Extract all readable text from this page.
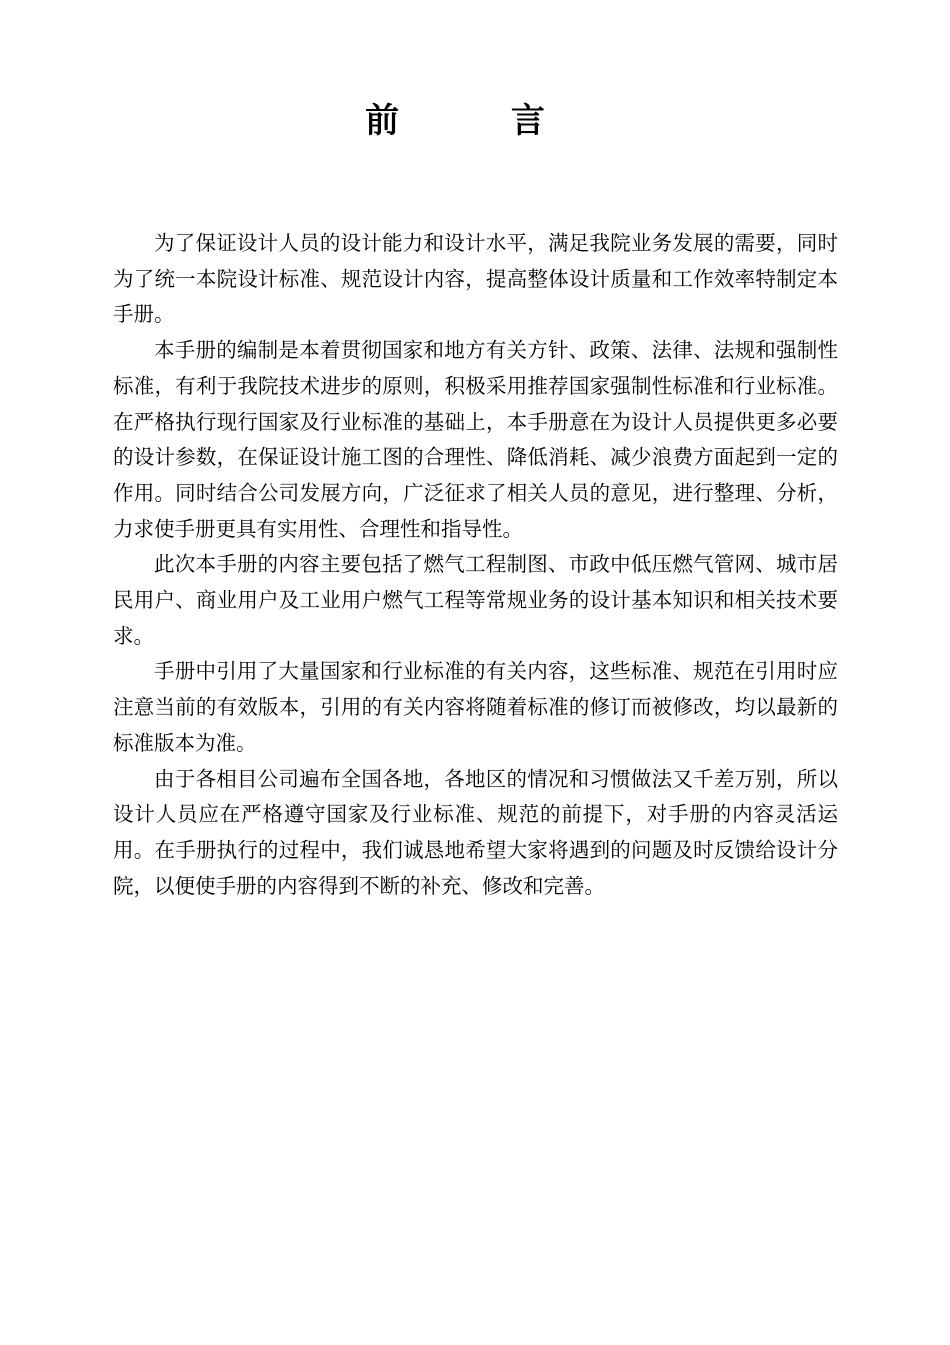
前 言

为了保证设计人员的设计能力和设计水平，满足我院业务发展的需要，同时为了统一本院设计标准、规范设计内容，提高整体设计质量和工作效率特制定本手册。

本手册的编制是本着贯彻国家和地方有关方针、政策、法律、法规和强制性标准，有利于我院技术进步的原则，积极采用推荐国家强制性标准和行业标准。在严格执行现行国家及行业标准的基础上，本手册意在为设计人员提供更多必要的设计参数，在保证设计施工图的合理性、降低消耗、减少浪费方面起到一定的作用。同时结合公司发展方向，广泛征求了相关人员的意见，进行整理、分析，力求使手册更具有实用性、合理性和指导性。

此次本手册的内容主要包括了燃气工程制图、市政中低压燃气管网、城市居民用户、商业用户及工业用户燃气工程等常规业务的设计基本知识和相关技术要求。

手册中引用了大量国家和行业标准的有关内容，这些标准、规范在引用时应注意当前的有效版本，引用的有关内容将随着标准的修订而被修改，均以最新的标准版本为准。

由于各相目公司遍布全国各地，各地区的情况和习惯做法又千差万别，所以设计人员应在严格遵守国家及行业标准、规范的前提下，对手册的内容灵活运用。在手册执行的过程中，我们诚恳地希望大家将遇到的问题及时反馈给设计分院，以便使手册的内容得到不断的补充、修改和完善。
